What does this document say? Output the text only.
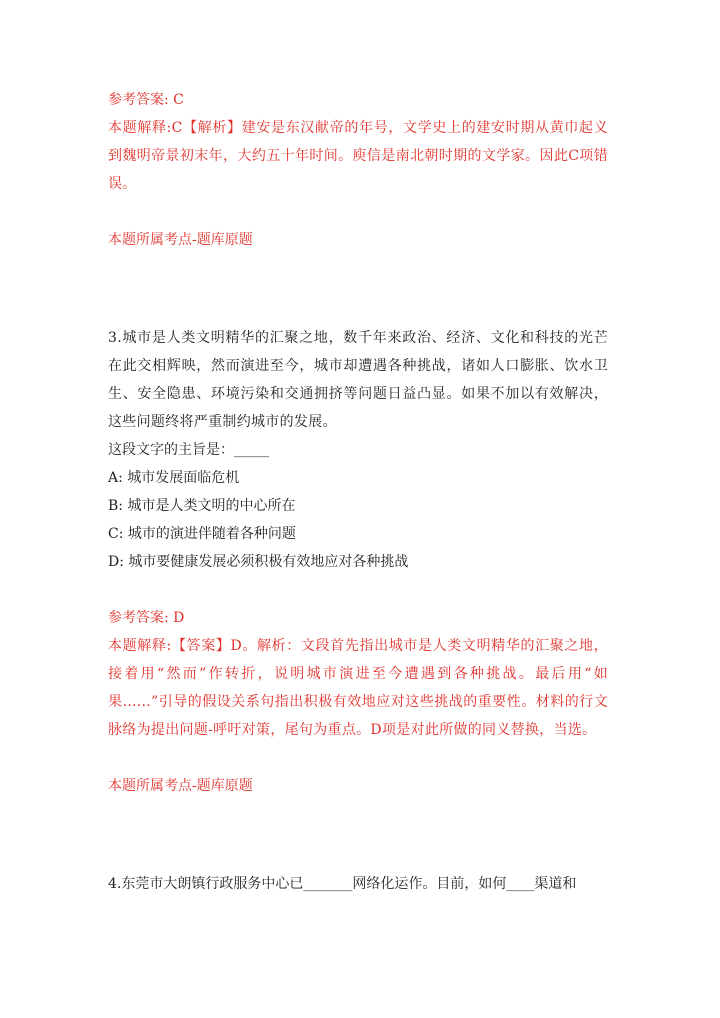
参考答案: C
本题解释:C【解析】建安是东汉献帝的年号，文学史上的建安时期从黄巾起义到魏明帝景初末年，大约五十年时间。庾信是南北朝时期的文学家。因此C项错误。
本题所属考点-题库原题
3.城市是人类文明精华的汇聚之地，数千年来政治、经济、文化和科技的光芒在此交相辉映，然而演进至今，城市却遭遇各种挑战，诸如人口膨胀、饮水卫生、安全隐患、环境污染和交通拥挤等问题日益凸显。如果不加以有效解决，这些问题终将严重制约城市的发展。
这段文字的主旨是：_____
A: 城市发展面临危机
B: 城市是人类文明的中心所在
C: 城市的演进伴随着各种问题
D: 城市要健康发展必须积极有效地应对各种挑战
参考答案: D
本题解释:【答案】D。解析：文段首先指出城市是人类文明精华的汇聚之地，接着用“然而”作转折，说明城市演进至今遭遇到各种挑战。最后用“如果……”引导的假设关系句指出积极有效地应对这些挑战的重要性。材料的行文脉络为提出问题-呼吁对策，尾句为重点。D项是对此所做的同义替换，当选。
本题所属考点-题库原题
4.东莞市大朗镇行政服务中心已_______网络化运作。目前，如何____渠道和
